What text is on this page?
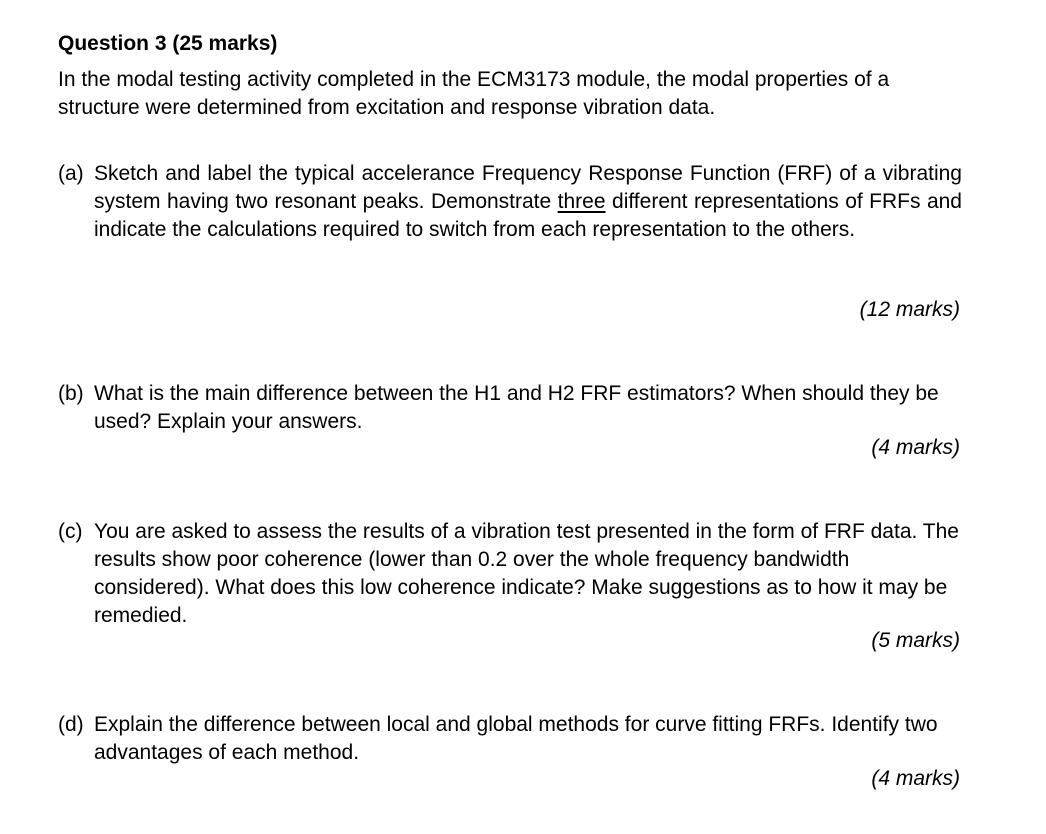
Question 3 (25 marks)

In the modal testing activity completed in the ECM3173 module, the modal properties of a structure were determined from excitation and response vibration data.

(a) Sketch and label the typical accelerance Frequency Response Function (FRF) of a vibrating system having two resonant peaks. Demonstrate three different representations of FRFs and indicate the calculations required to switch from each representation to the others.
(12 marks)
(b) What is the main difference between the H1 and H2 FRF estimators? When should they be used? Explain your answers.
(4 marks)
(c) You are asked to assess the results of a vibration test presented in the form of FRF data. The results show poor coherence (lower than 0.2 over the whole frequency bandwidth considered). What does this low coherence indicate? Make suggestions as to how it may be remedied.
(5 marks)
(d) Explain the difference between local and global methods for curve fitting FRFs. Identify two advantages of each method.
(4 marks)
